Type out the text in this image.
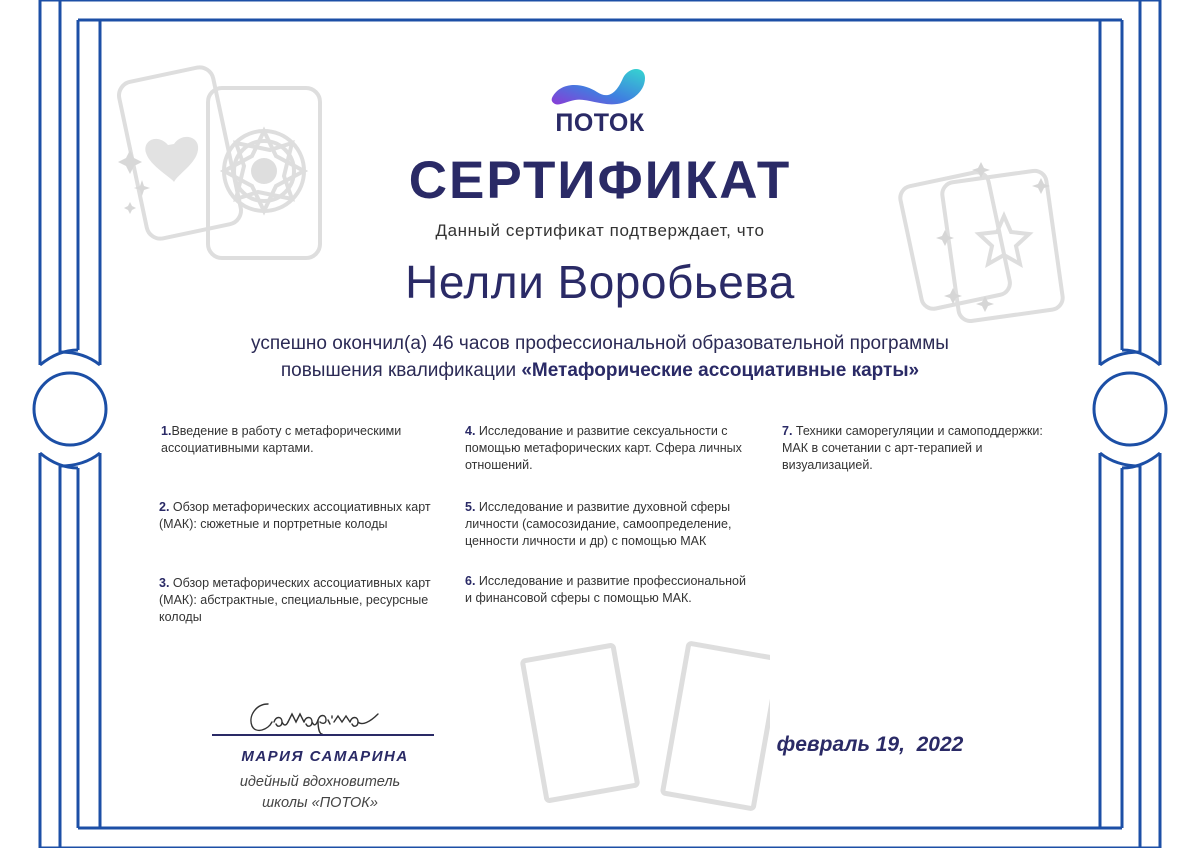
ПОТОК
СЕРТИФИКАТ
Данный сертификат подтверждает, что
Нелли Воробьева
успешно окончил(а) 46 часов профессиональной образовательной программы
повышения квалификации «Метафорические ассоциативные карты»
1.Введение в работу с метафорическими ассоциативными картами.
2. Обзор метафорических ассоциативных карт (МАК): сюжетные и портретные колоды
3. Обзор метафорических ассоциативных карт (МАК): абстрактные, специальные, ресурсные колоды
4. Исследование и развитие сексуальности с помощью метафорических карт. Сфера личных отношений.
5. Исследование и развитие духовной сферы личности (самосозидание, самоопределение, ценности личности и др) с помощью МАК
6. Исследование и развитие профессиональной и финансовой сферы с помощью МАК.
7. Техники саморегуляции и самоподдержки: МАК в сочетании с арт-терапией и визуализацией.
МАРИЯ САМАРИНА
идейный вдохновитель
школы «ПОТОК»
февраль 19,  2022
